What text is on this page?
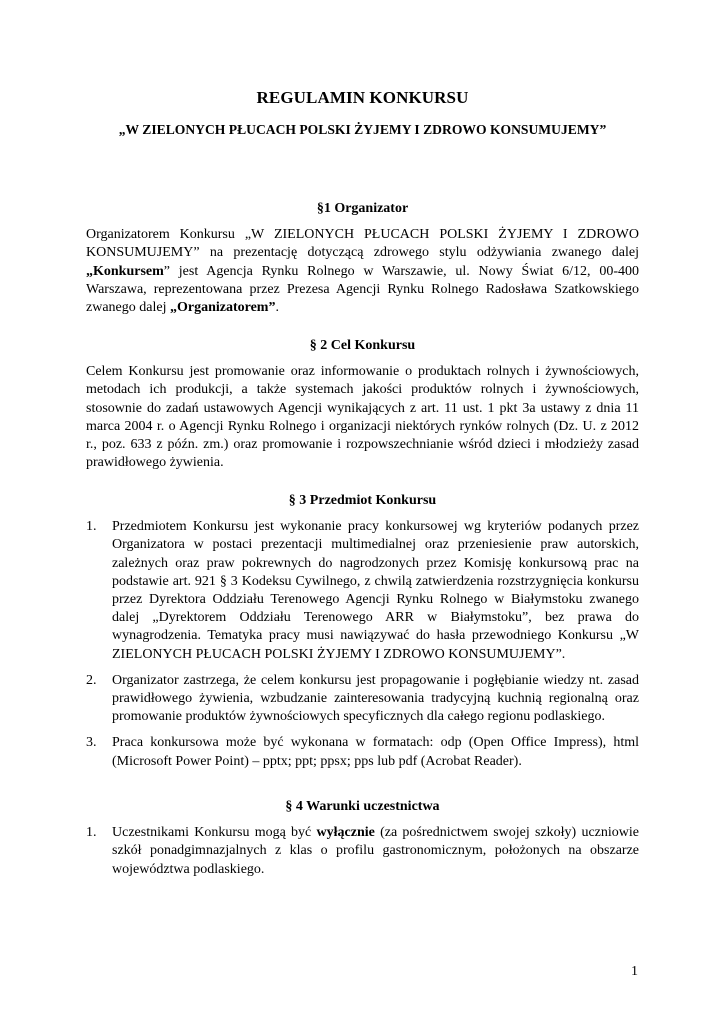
REGULAMIN KONKURSU
„W ZIELONYCH PŁUCACH POLSKI ŻYJEMY I ZDROWO KONSUMUJEMY”
§1 Organizator

Organizatorem Konkursu „W ZIELONYCH PŁUCACH POLSKI ŻYJEMY I ZDROWO KONSUMUJEMY” na prezentację dotyczącą zdrowego stylu odżywiania zwanego dalej „Konkursem” jest Agencja Rynku Rolnego w Warszawie, ul. Nowy Świat 6/12, 00-400 Warszawa, reprezentowana przez Prezesa Agencji Rynku Rolnego Radosława Szatkowskiego zwanego dalej „Organizatorem”.

§ 2 Cel Konkursu

Celem Konkursu jest promowanie oraz informowanie o produktach rolnych i żywnościowych, metodach ich produkcji, a także systemach jakości produktów rolnych i żywnościowych, stosownie do zadań ustawowych Agencji wynikających z art. 11 ust. 1 pkt 3a ustawy z dnia 11 marca 2004 r. o Agencji Rynku Rolnego i organizacji niektórych rynków rolnych (Dz. U. z 2012 r., poz. 633 z późn. zm.) oraz promowanie i rozpowszechnianie wśród dzieci i młodzieży zasad prawidłowego żywienia.

§ 3 Przedmiot Konkursu
1. Przedmiotem Konkursu jest wykonanie pracy konkursowej wg kryteriów podanych przez Organizatora w postaci prezentacji multimedialnej oraz przeniesienie praw autorskich, zależnych oraz praw pokrewnych do nagrodzonych przez Komisję konkursową prac na podstawie art. 921 § 3 Kodeksu Cywilnego, z chwilą zatwierdzenia rozstrzygnięcia konkursu przez Dyrektora Oddziału Terenowego Agencji Rynku Rolnego w Białymstoku zwanego dalej „Dyrektorem Oddziału Terenowego ARR w Białymstoku”, bez prawa do wynagrodzenia. Tematyka pracy musi nawiązywać do hasła przewodniego Konkursu „W ZIELONYCH PŁUCACH POLSKI ŻYJEMY I ZDROWO KONSUMUJEMY”.
2. Organizator zastrzega, że celem konkursu jest propagowanie i pogłębianie wiedzy nt. zasad prawidłowego żywienia, wzbudzanie zainteresowania tradycyjną kuchnią regionalną oraz promowanie produktów żywnościowych specyficznych dla całego regionu podlaskiego.
3. Praca konkursowa może być wykonana w formatach: odp (Open Office Impress), html (Microsoft Power Point) – pptx; ppt; ppsx; pps lub pdf (Acrobat Reader).
§ 4 Warunki uczestnictwa
1. Uczestnikami Konkursu mogą być wyłącznie (za pośrednictwem swojej szkoły) uczniowie szkół ponadgimnazjalnych z klas o profilu gastronomicznym, położonych na obszarze województwa podlaskiego.
1
